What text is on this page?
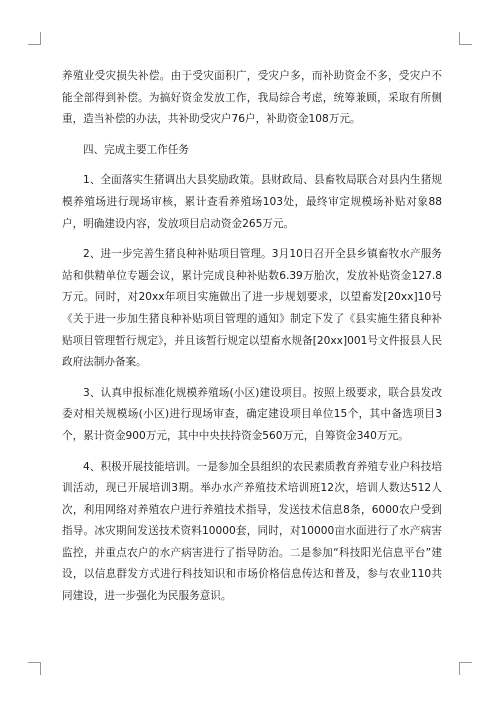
养殖业受灾损失补偿。由于受灾面积广，受灾户多，而补助资金不多，受灾户不能全部得到补偿。为搞好资金发放工作，我局综合考虑，统筹兼顾，采取有所侧重，造当补偿的办法，共补助受灾户76户，补助资金108万元。

四、完成主要工作任务

1、全面落实生猪调出大县奖励政策。县财政局、县畜牧局联合对县内生猪规模养殖场进行现场审核，累计查看养殖场103处，最终审定规模场补贴对象88户，明确建设内容，发放项目启动资金265万元。

2、进一步完善生猪良种补贴项目管理。3月10日召开全县乡镇畜牧水产服务站和供精单位专题会议，累计完成良种补贴数6.39万胎次，发放补贴资金127.8万元。同时，对20xx年项目实施做出了进一步规划要求，以望畜发[20xx]10号《关于进一步加生猪良种补贴项目管理的通知》制定下发了《县实施生猪良种补贴项目管理暂行规定》，并且该暂行规定以望畜水规备[20xx]001号文件报县人民政府法制办备案。

3、认真申报标准化规模养殖场(小区)建设项目。按照上级要求，联合县发改委对相关规模场(小区)进行现场审查，确定建设项目单位15个，其中备选项目3个，累计资金900万元，其中中央扶持资金560万元，自筹资金340万元。

4、积极开展技能培训。一是参加全县组织的农民素质教育养殖专业户科技培训活动，现已开展培训3期。举办水产养殖技术培训班12次，培训人数达512人次，利用网络对养殖农户进行养殖技术指导，发送技术信息8条，6000农户受到指导。冰灾期间发送技术资料10000套，同时，对10000亩水面进行了水产病害监控，并重点农户的水产病害进行了指导防治。二是参加“科技阳光信息平台”建设，以信息群发方式进行科技知识和市场价格信息传达和普及，参与农业110共同建设，进一步强化为民服务意识。
